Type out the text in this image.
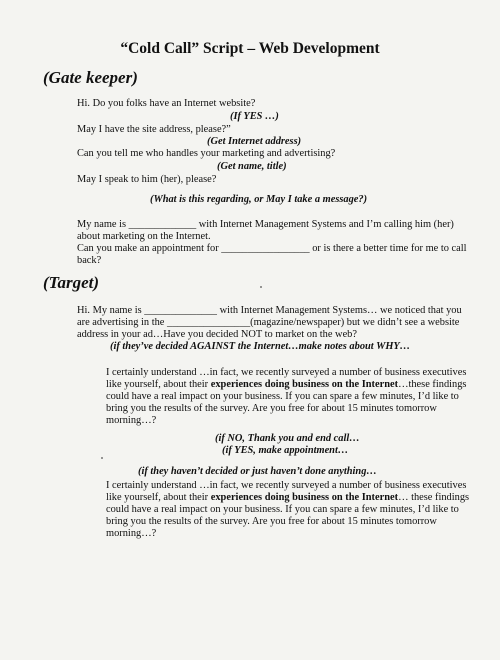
“Cold Call” Script – Web Development
(Gate keeper)
Hi. Do you folks have an Internet website?
(If YES …)
May I have the site address, please?”
(Get Internet address)
Can you tell me who handles your marketing and advertising?
(Get name, title)
May I speak to him (her), please?
(What is this regarding, or May I take a message?)
My name is _____________ with Internet Management Systems and I’m calling him (her)
about marketing on the Internet.
Can you make an appointment for _________________ or is there a better time for me to call
back?
(Target)
Hi. My name is ______________ with Internet Management Systems… we noticed that you
are advertising in the ________________(magazine/newspaper) but we didn’t see a website
address in your ad…Have you decided NOT to market on the web?
(if they’ve decided AGAINST the Internet…make notes about WHY…
I certainly understand …in fact, we recently surveyed a number of business executives
like yourself, about their experiences doing business on the Internet…these findings
could have a real impact on your business. If you can spare a few minutes, I’d like to
bring you the results of the survey. Are you free for about 15 minutes tomorrow
morning…?
(if NO, Thank you and end call…
(if YES, make appointment…
(if they haven’t decided or just haven’t done anything…
I certainly understand …in fact, we recently surveyed a number of business executives
like yourself, about their experiences doing business on the Internet… these findings
could have a real impact on your business. If you can spare a few minutes, I’d like to
bring you the results of the survey. Are you free for about 15 minutes tomorrow
morning…?
